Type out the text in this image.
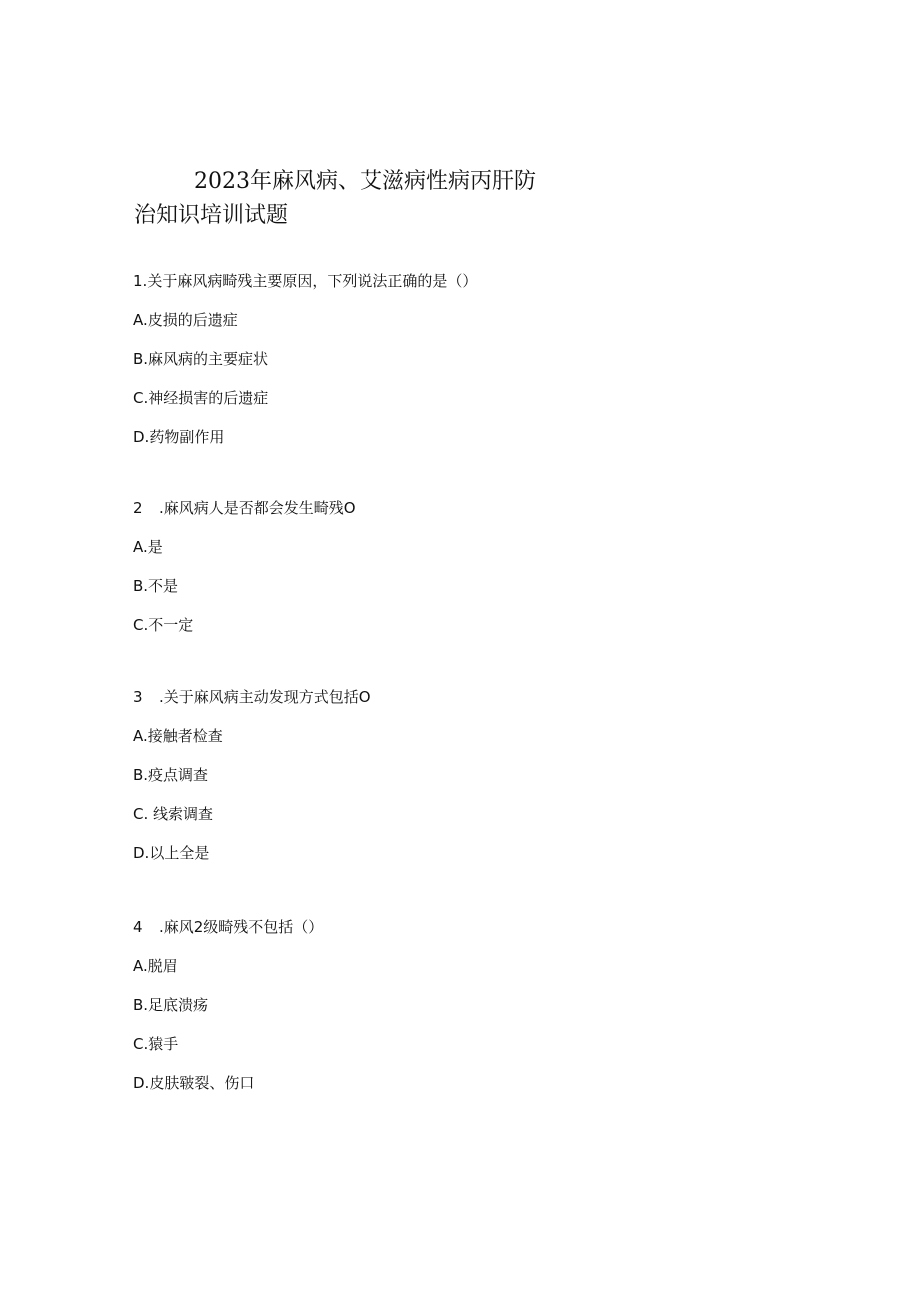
2023年麻风病、艾滋病性病丙肝防
治知识培训试题
1.关于麻风病畸残主要原因，下列说法正确的是（）
A.皮损的后遗症
B.麻风病的主要症状
C.神经损害的后遗症
D.药物副作用
2 .麻风病人是否都会发生畸残O
A.是
B.不是
C.不一定
3 .关于麻风病主动发现方式包括O
A.接触者检查
B.疫点调查
C. 线索调查
D.以上全是
4 .麻风2级畸残不包括（）
A.脱眉
B.足底溃疡
C.猿手
D.皮肤皲裂、伤口
